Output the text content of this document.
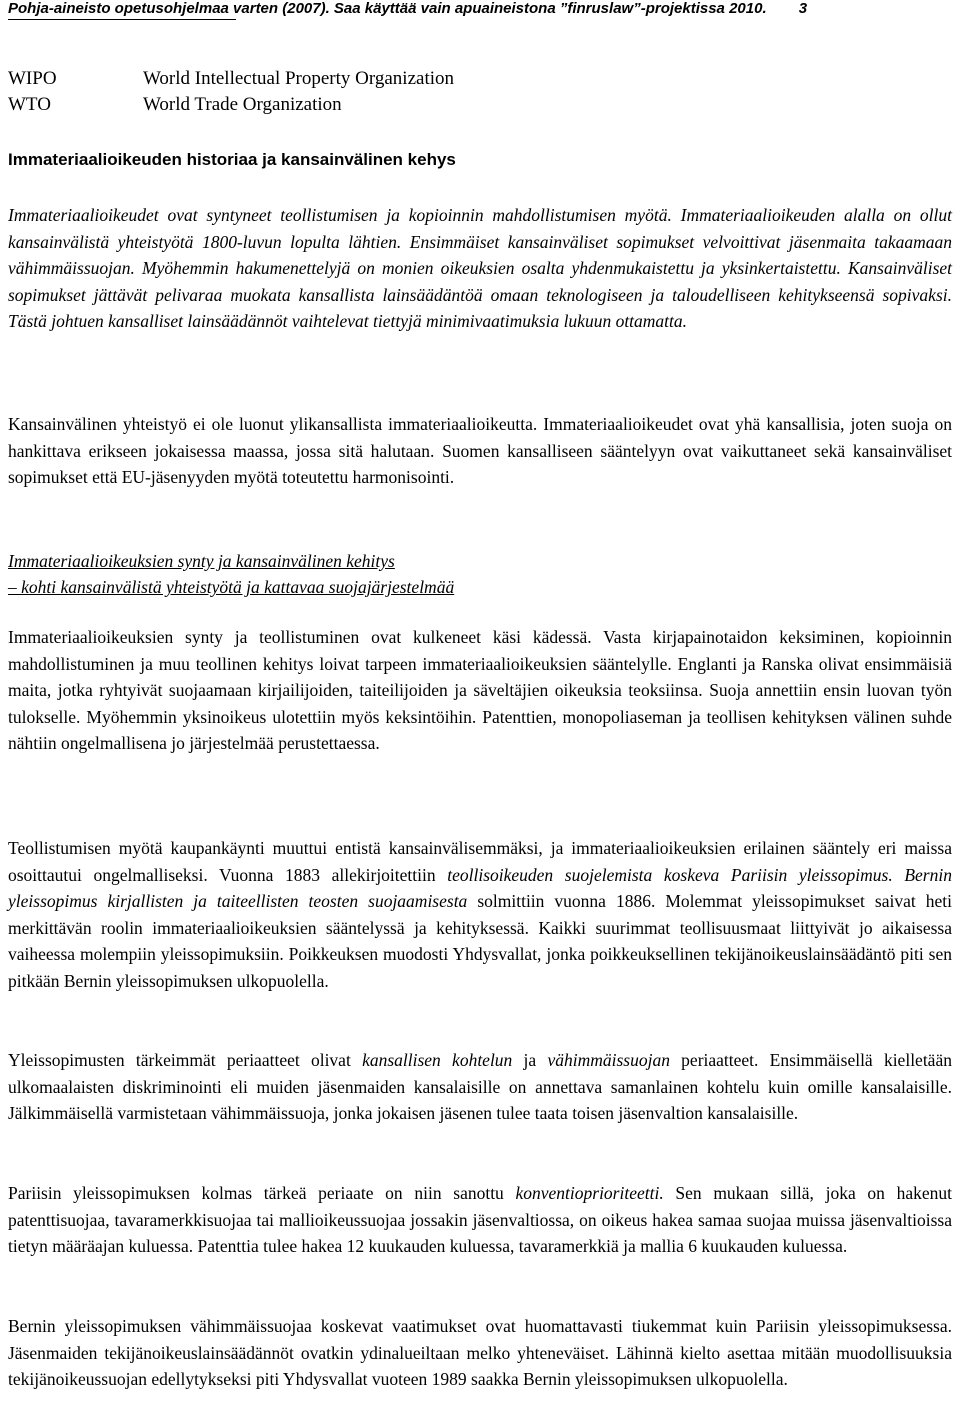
Pohja-aineisto opetusohjelmaa varten (2007). Saa käyttää vain apuaineistona ”finruslaw”-projektissa 2010. 3
WIPO	World Intellectual Property Organization
WTO	World Trade Organization
Immateriaalioikeuden historiaa ja kansainvälinen kehys
Immateriaalioikeudet ovat syntyneet teollistumisen ja kopioinnin mahdollistumisen myötä. Immateriaalioikeuden alalla on ollut kansainvälistä yhteistyötä 1800-luvun lopulta lähtien. Ensimmäiset kansainväliset sopimukset velvoittivat jäsenmaita takaamaan vähimmäissuojan. Myöhemmin hakumenettelyjä on monien oikeuksien osalta yhdenmukaistettu ja yksinkertaistettu. Kansainväliset sopimukset jättävät pelivaraa muokata kansallista lainsäädäntöä omaan teknologiseen ja taloudelliseen kehitykseensä sopivaksi. Tästä johtuen kansalliset lainsäädännöt vaihtelevat tiettyjä minimivaatimuksia lukuun ottamatta.
Kansainvälinen yhteistyö ei ole luonut ylikansallista immateriaalioikeutta. Immateriaalioikeudet ovat yhä kansallisia, joten suoja on hankittava erikseen jokaisessa maassa, jossa sitä halutaan. Suomen kansalliseen sääntelyyn ovat vaikuttaneet sekä kansainväliset sopimukset että EU-jäsenyyden myötä toteutettu harmonisointi.
Immateriaalioikeuksien synty ja kansainvälinen kehitys
– kohti kansainvälistä yhteistyötä ja kattavaa suojajärjestelmää
Immateriaalioikeuksien synty ja teollistuminen ovat kulkeneet käsi kädessä. Vasta kirjapainotaidon keksiminen, kopioinnin mahdollistuminen ja muu teollinen kehitys loivat tarpeen immateriaalioikeuksien sääntelylle. Englanti ja Ranska olivat ensimmäisiä maita, jotka ryhtyivät suojaamaan kirjailijoiden, taiteilijoiden ja säveltäjien oikeuksia teoksiinsa. Suoja annettiin ensin luovan työn tulokselle. Myöhemmin yksinoikeus ulotettiin myös keksintöihin. Patenttien, monopoliaseman ja teollisen kehityksen välinen suhde nähtiin ongelmallisena jo järjestelmää perustettaessa.
Teollistumisen myötä kaupankäynti muuttui entistä kansainvälisemmäksi, ja immateriaalioikeuksien erilainen sääntely eri maissa osoittautui ongelmalliseksi. Vuonna 1883 allekirjoitettiin teollisoikeuden suojelemista koskeva Pariisin yleissopimus. Bernin yleissopimus kirjallisten ja taiteellisten teosten suojaamisesta solmittiin vuonna 1886. Molemmat yleissopimukset saivat heti merkittävän roolin immateriaalioikeuksien sääntelyssä ja kehityksessä. Kaikki suurimmat teollisuusmaat liittyivät jo aikaisessa vaiheessa molempiin yleissopimuksiin. Poikkeuksen muodosti Yhdysvallat, jonka poikkeuksellinen tekijänoikeuslainsäädäntö piti sen pitkään Bernin yleissopimuksen ulkopuolella.
Yleissopimusten tärkeimmät periaatteet olivat kansallisen kohtelun ja vähimmäissuojan periaatteet. Ensimmäisellä kielletään ulkomaalaisten diskriminointi eli muiden jäsenmaiden kansalaisille on annettava samanlainen kohtelu kuin omille kansalaisille. Jälkimmäisellä varmistetaan vähimmäissuoja, jonka jokaisen jäsenen tulee taata toisen jäsenvaltion kansalaisille.
Pariisin yleissopimuksen kolmas tärkeä periaate on niin sanottu konventioprioriteetti. Sen mukaan sillä, joka on hakenut patenttisuojaa, tavaramerkkisuojaa tai mallioikeussuojaa jossakin jäsenvaltiossa, on oikeus hakea samaa suojaa muissa jäsenvaltioissa tietyn määräajan kuluessa. Patenttia tulee hakea 12 kuukauden kuluessa, tavaramerkkiä ja mallia 6 kuukauden kuluessa.
Bernin yleissopimuksen vähimmäissuojaa koskevat vaatimukset ovat huomattavasti tiukemmat kuin Pariisin yleissopimuksessa. Jäsenmaiden tekijänoikeuslainsäädännöt ovatkin ydinalueiltaan melko yhteneväiset. Lähinnä kielto asettaa mitään muodollisuuksia tekijänoikeussuojan edellytykseksi piti Yhdysvallat vuoteen 1989 saakka Bernin yleissopimuksen ulkopuolella.
